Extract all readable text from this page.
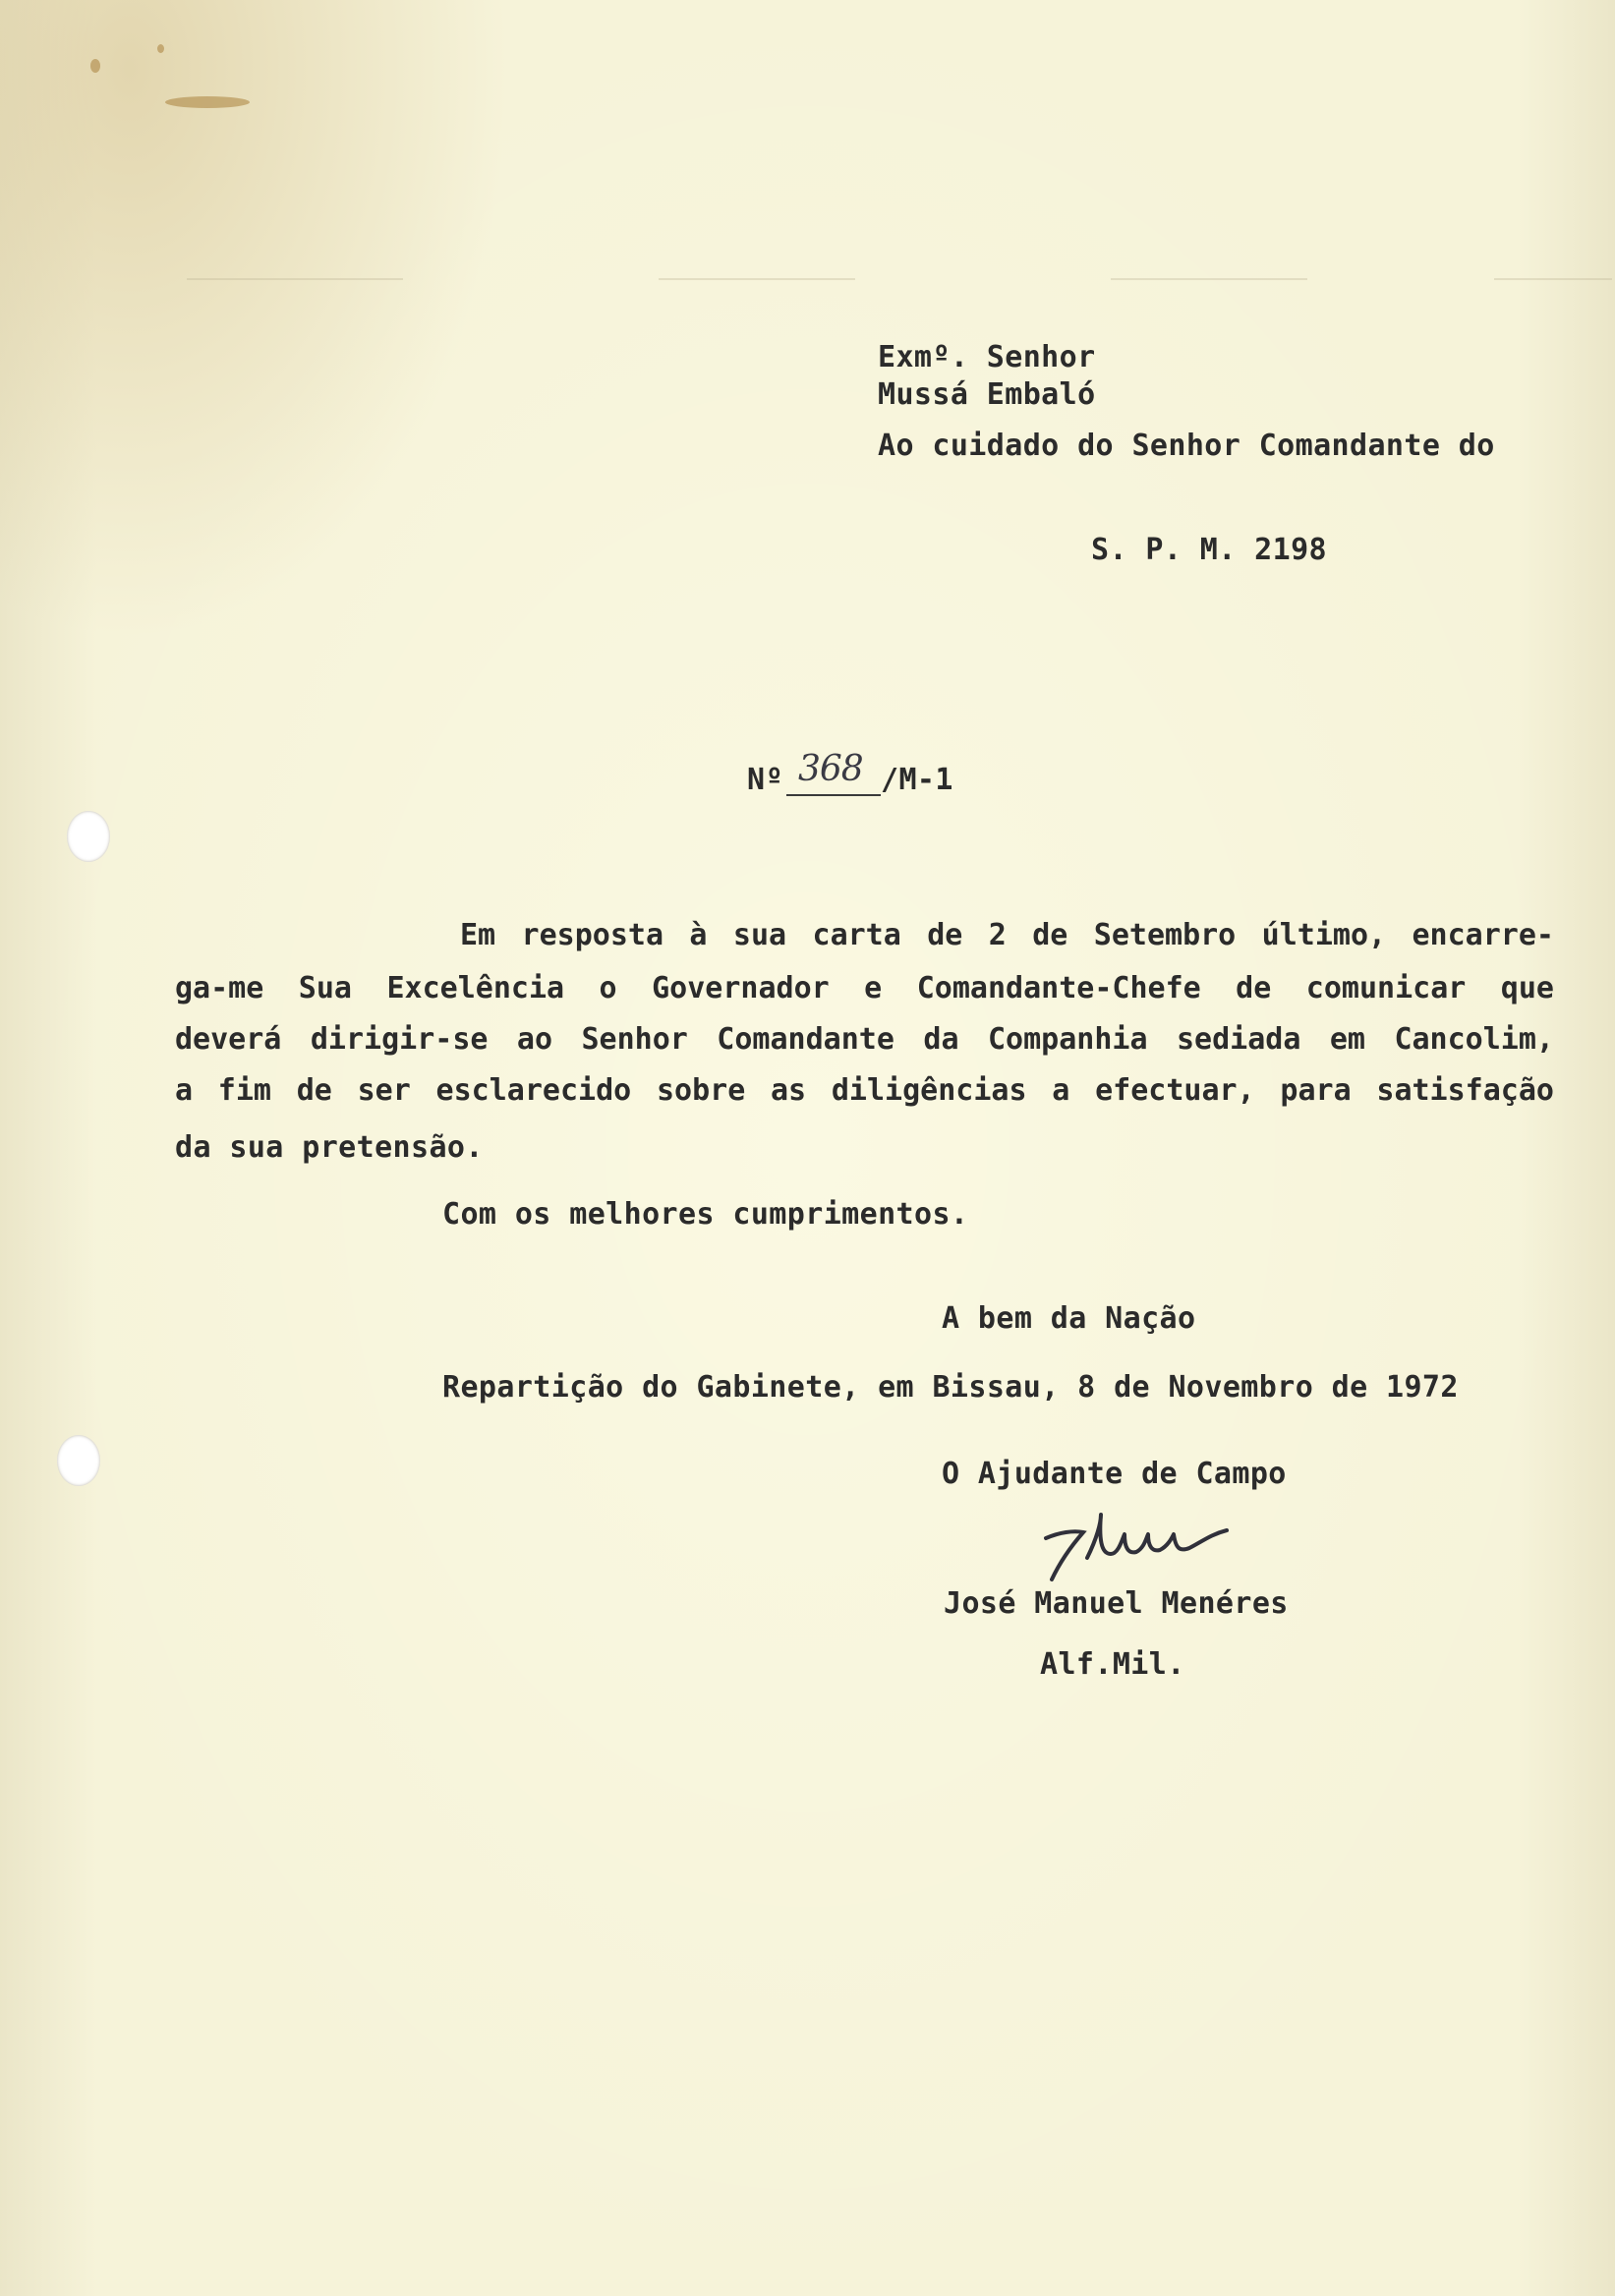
Exmº. Senhor
Mussá Embaló
Ao cuidado do Senhor Comandante do
S. P. M. 2198
Nº 368 /M-1
Em resposta à sua carta de 2 de Setembro último, encarre-
ga-me Sua Excelência o Governador e Comandante-Chefe de comunicar que
deverá dirigir-se ao Senhor Comandante da Companhia sediada em Cancolim,
a fim de ser esclarecido sobre as diligências a efectuar, para satisfação
da sua pretensão.
Com os melhores cumprimentos.
A bem da Nação
Repartição do Gabinete, em Bissau, 8 de Novembro de 1972
O Ajudante de Campo
José Manuel Menéres
Alf.Mil.
